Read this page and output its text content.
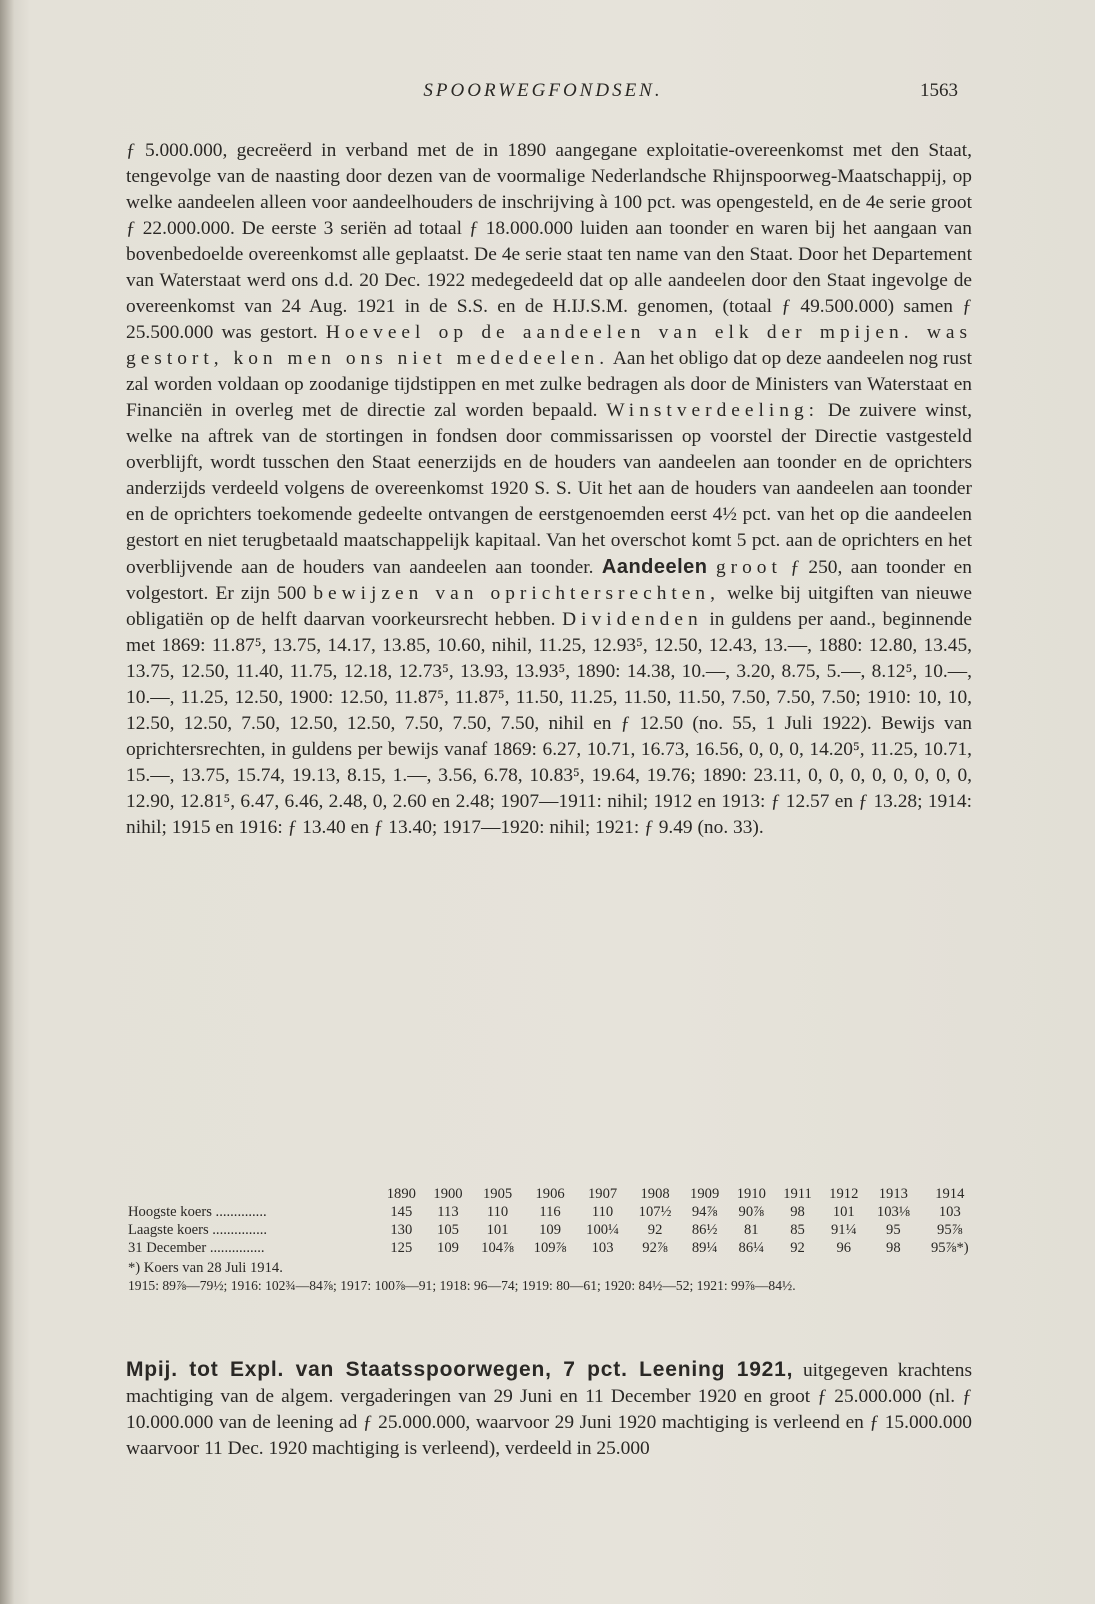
SPOORWEGFONDSEN.	1563

ƒ 5.000.000, gecreëerd in verband met de in 1890 aangegane exploitatie-overeenkomst met den Staat, tengevolge van de naasting door dezen van de voormalige Nederlandsche Rhijnspoorweg-Maatschappij, op welke aandeelen alleen voor aandeelhouders de inschrijving à 100 pct. was opengesteld, en de 4e serie groot ƒ 22.000.000. De eerste 3 seriën ad totaal ƒ 18.000.000 luiden aan toonder en waren bij het aangaan van bovenbedoelde overeenkomst alle geplaatst. De 4e serie staat ten name van den Staat. Door het Departement van Waterstaat werd ons d.d. 20 Dec. 1922 medegedeeld dat op alle aandeelen door den Staat ingevolge de overeenkomst van 24 Aug. 1921 in de S.S. en de H.IJ.S.M. genomen, (totaal ƒ 49.500.000) samen ƒ 25.500.000 was gestort. Hoeveel op de aandeelen van elk der mpijen. was gestort, kon men ons niet mededeelen. Aan het obligo dat op deze aandeelen nog rust zal worden voldaan op zoodanige tijdstippen en met zulke bedragen als door de Ministers van Waterstaat en Financiën in overleg met de directie zal worden bepaald. Winstverdeeling: De zuivere winst, welke na aftrek van de stortingen in fondsen door commissarissen op voorstel der Directie vastgesteld overblijft, wordt tusschen den Staat eenerzijds en de houders van aandeelen aan toonder en de oprichters anderzijds verdeeld volgens de overeenkomst 1920 S. S. Uit het aan de houders van aandeelen aan toonder en de oprichters toekomende gedeelte ontvangen de eerstgenoemden eerst 4½ pct. van het op die aandeelen gestort en niet terugbetaald maatschappelijk kapitaal. Van het overschot komt 5 pct. aan de oprichters en het overblijvende aan de houders van aandeelen aan toonder. Aandeelen groot ƒ 250, aan toonder en volgestort. Er zijn 500 bewijzen van oprichtersrechten, welke bij uitgiften van nieuwe obligatiën op de helft daarvan voorkeursrecht hebben. Dividenden in guldens per aand., beginnende met 1869: 11.87⁵, 13.75, 14.17, 13.85, 10.60, nihil, 11.25, 12.93⁵, 12.50, 12.43, 13.—, 1880: 12.80, 13.45, 13.75, 12.50, 11.40, 11.75, 12.18, 12.73⁵, 13.93, 13.93⁵, 1890: 14.38, 10.—, 3.20, 8.75, 5.—, 8.12⁵, 10.—, 10.—, 11.25, 12.50, 1900: 12.50, 11.87⁵, 11.87⁵, 11.50, 11.25, 11.50, 11.50, 7.50, 7.50, 7.50; 1910: 10, 10, 12.50, 12.50, 7.50, 12.50, 12.50, 7.50, 7.50, 7.50, nihil en ƒ 12.50 (no. 55, 1 Juli 1922). Bewijs van oprichtersrechten, in guldens per bewijs vanaf 1869: 6.27, 10.71, 16.73, 16.56, 0, 0, 0, 14.20⁵, 11.25, 10.71, 15.—, 13.75, 15.74, 19.13, 8.15, 1.—, 3.56, 6.78, 10.83⁵, 19.64, 19.76; 1890: 23.11, 0, 0, 0, 0, 0, 0, 0, 0, 12.90, 12.81⁵, 6.47, 6.46, 2.48, 0, 2.60 en 2.48; 1907—1911: nihil; 1912 en 1913: ƒ 12.57 en ƒ 13.28; 1914: nihil; 1915 en 1916: ƒ 13.40 en ƒ 13.40; 1917—1920: nihil; 1921: ƒ 9.49 (no. 33).

	1890	1900	1905	1906	1907	1908	1909	1910	1911	1912	1913	1914
Hoogste koers ..............	145	113	110	116	110	107½	94⅞	90⅞	98	101	103⅛	103
Laagste koers ...............	130	105	101	109	100¼	92	86½	81	85	91¼	95	95⅞
31 December ...............	125	109	104⅞	109⅞	103	92⅞	89¼	86¼	92	96	98	95⅞*)
*) Koers van 28 Juli 1914.
1915: 89⅞—79½; 1916: 102¾—84⅞; 1917: 100⅞—91; 1918: 96—74; 1919: 80—61; 1920: 84½—52; 1921: 99⅞—84½.

Mpij. tot Expl. van Staatsspoorwegen, 7 pct. Leening 1921, uitgegeven krachtens machtiging van de algem. vergaderingen van 29 Juni en 11 December 1920 en groot ƒ 25.000.000 (nl. ƒ 10.000.000 van de leening ad ƒ 25.000.000, waarvoor 29 Juni 1920 machtiging is verleend en ƒ 15.000.000 waarvoor 11 Dec. 1920 machtiging is verleend), verdeeld in 25.000
